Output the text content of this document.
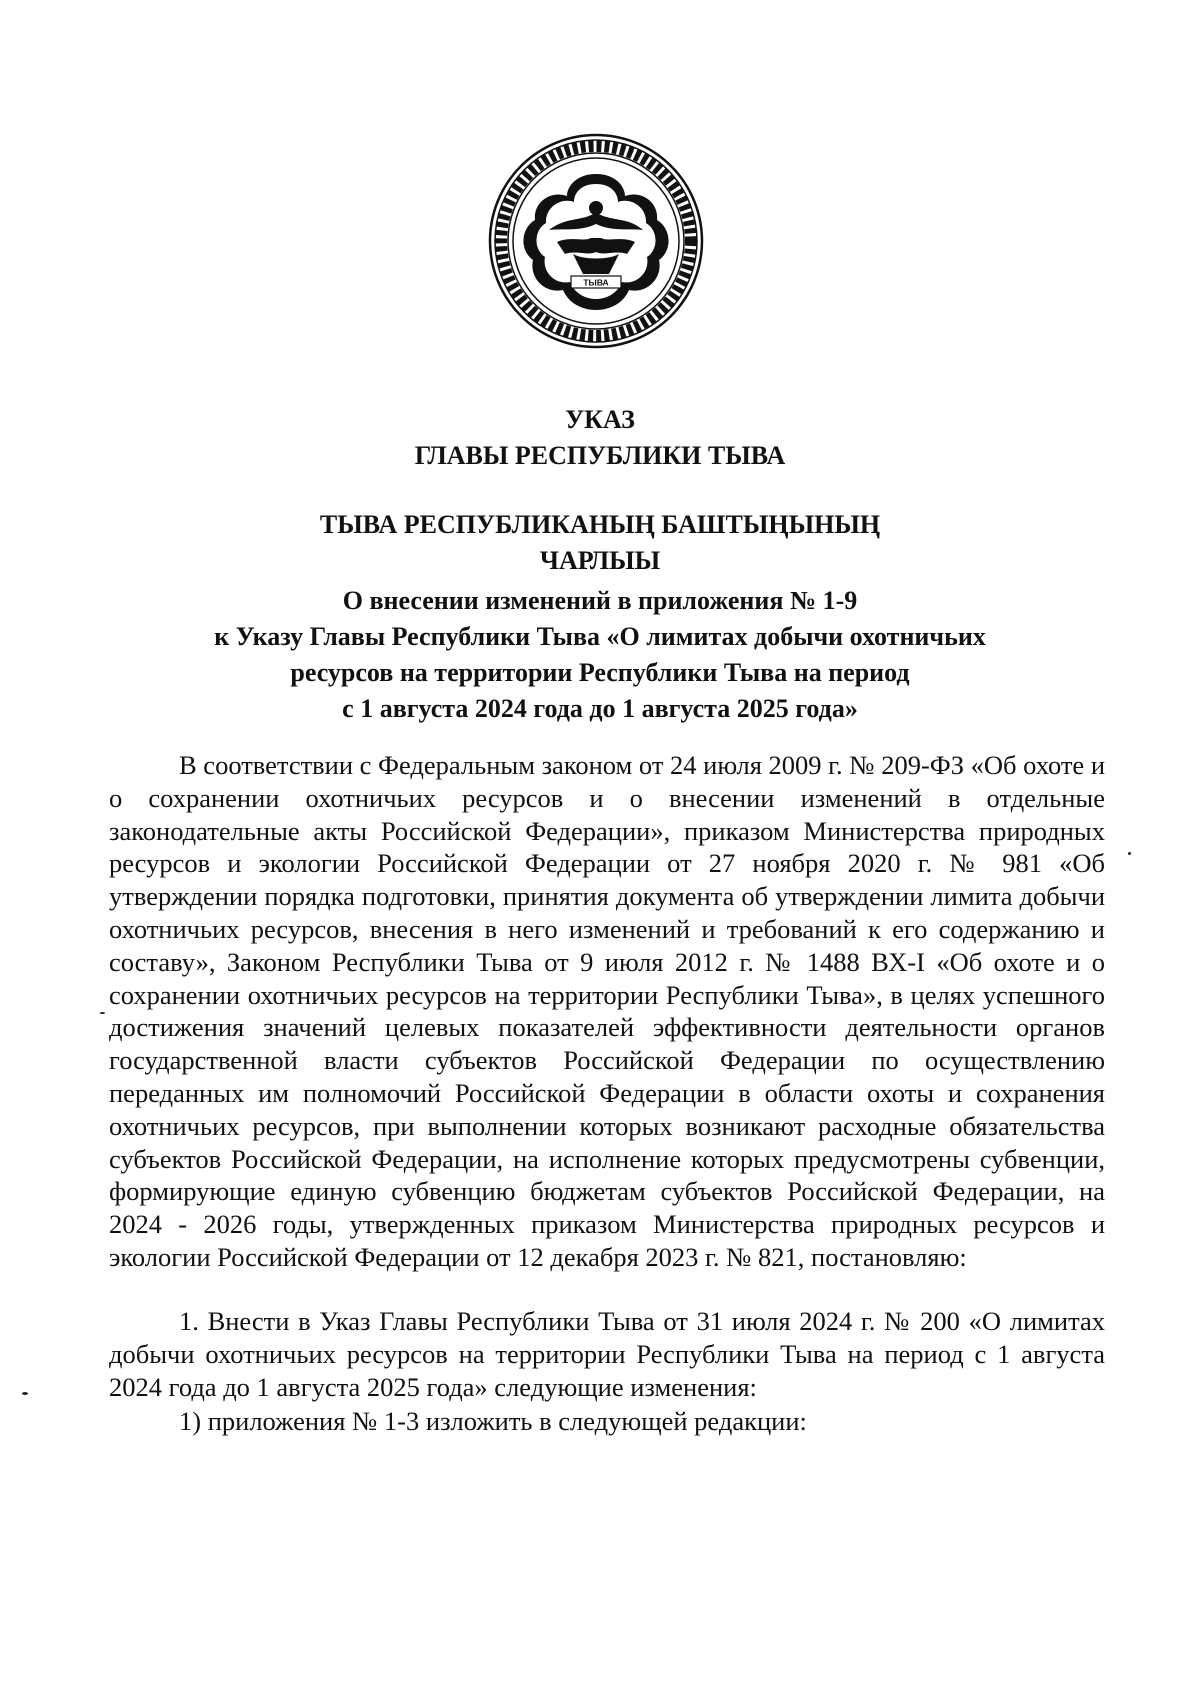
ТЫВА
УКАЗ
ГЛАВЫ РЕСПУБЛИКИ ТЫВА
ТЫВА РЕСПУБЛИКАНЫҢ БАШТЫҢЫНЫҢ
ЧАРЛЫЫ
О внесении изменений в приложения № 1-9
к Указу Главы Республики Тыва «О лимитах добычи охотничьих
ресурсов на территории Республики Тыва на период
с 1 августа 2024 года до 1 августа 2025 года»

В соответствии с Федеральным законом от 24 июля 2009 г. № 209-ФЗ «Об охоте и о сохранении охотничьих ресурсов и о внесении изменений в отдельные законодательные акты Российской Федерации», приказом Министерства природных ресурсов и экологии Российской Федерации от 27 ноября 2020 г. № 981 «Об утверждении порядка подготовки, принятия документа об утверждении лимита добычи охотничьих ресурсов, внесения в него изменений и требований к его содержанию и составу», Законом Республики Тыва от 9 июля 2012 г. № 1488 ВХ-I «Об охоте и о сохранении охотничьих ресурсов на территории Республики Тыва», в целях успешного достижения значений целевых показателей эффективности деятельности органов государственной власти субъектов Российской Федерации по осуществлению переданных им полномочий Российской Федерации в области охоты и сохранения охотничьих ресурсов, при выполнении которых возникают расходные обязательства субъектов Российской Федерации, на исполнение которых предусмотрены субвенции, формирующие единую субвенцию бюджетам субъектов Российской Федерации, на 2024 - 2026 годы, утвержденных приказом Министерства природных ресурсов и экологии Российской Федерации от 12 декабря 2023 г. № 821, постановляю:

1. Внести в Указ Главы Республики Тыва от 31 июля 2024 г. № 200 «О лимитах добычи охотничьих ресурсов на территории Республики Тыва на период с 1 августа 2024 года до 1 августа 2025 года» следующие изменения:

1) приложения № 1-3 изложить в следующей редакции:
